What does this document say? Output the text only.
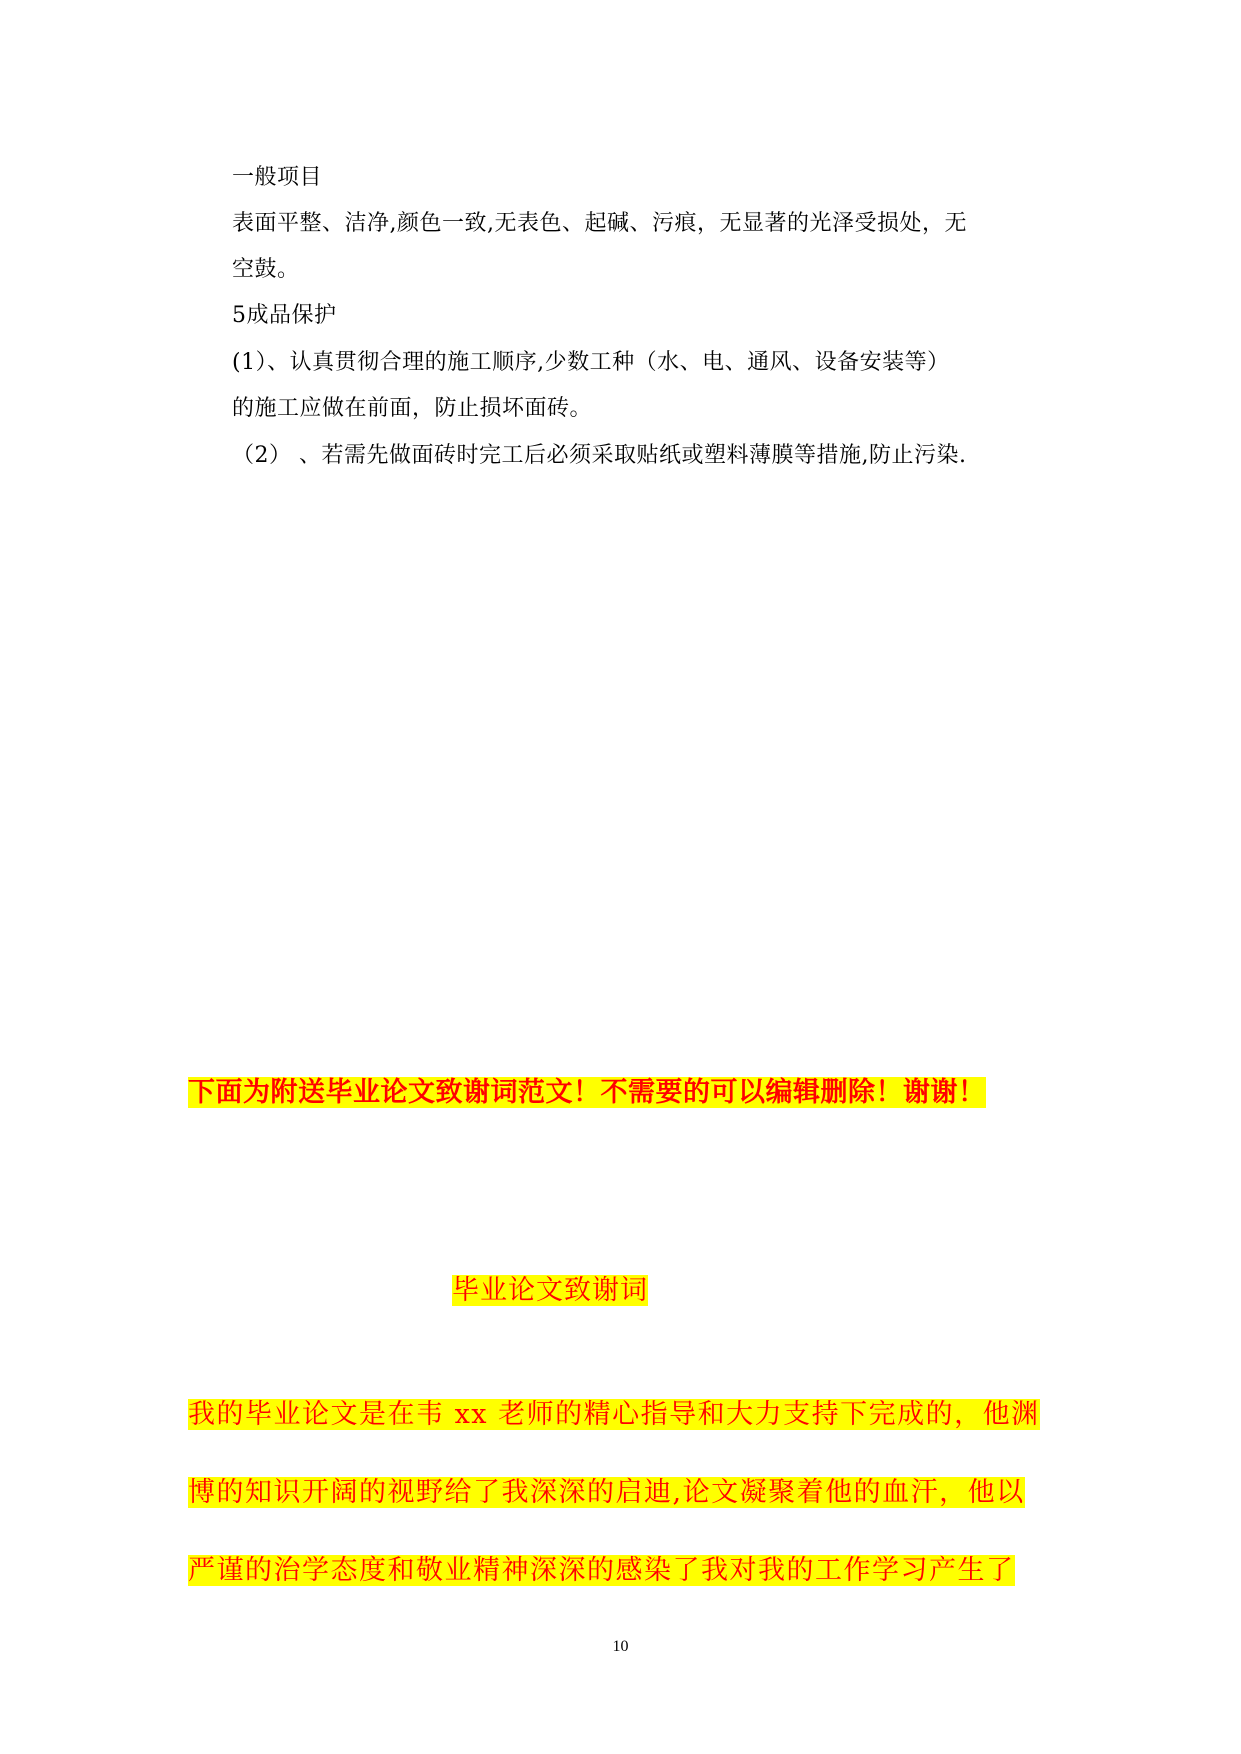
一般项目
表面平整、洁净,颜色一致,无表色、起碱、污痕，无显著的光泽受损处，无
空鼓。
5成品保护
(1）、认真贯彻合理的施工顺序,少数工种（水、电、通风、设备安装等）
的施工应做在前面，防止损坏面砖。
（2） 、若需先做面砖时完工后必须采取贴纸或塑料薄膜等措施,防止污染.
下面为附送毕业论文致谢词范文！不需要的可以编辑删除！谢谢！
毕业论文致谢词
我的毕业论文是在韦 xx 老师的精心指导和大力支持下完成的，他渊
博的知识开阔的视野给了我深深的启迪,论文凝聚着他的血汗，他以
严谨的治学态度和敬业精神深深的感染了我对我的工作学习产生了
10
